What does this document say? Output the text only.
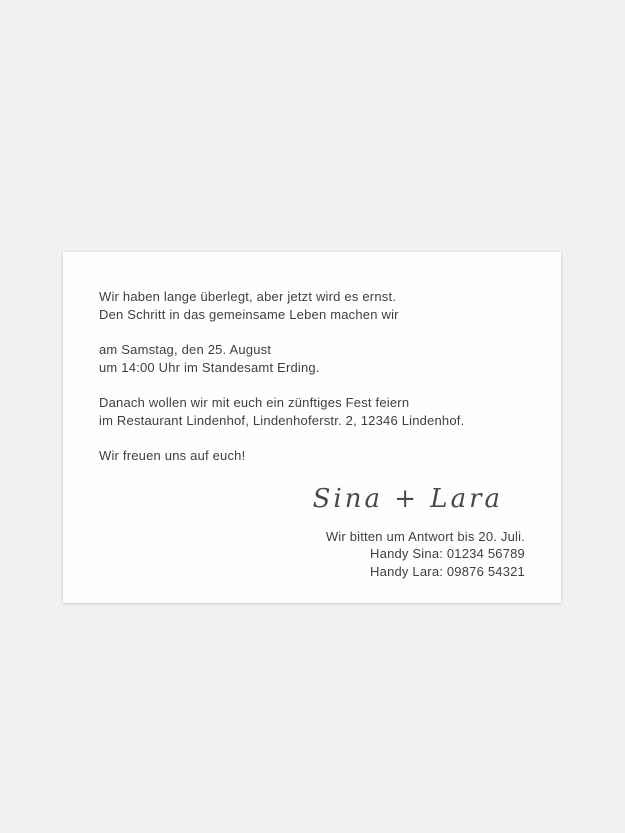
Wir haben lange überlegt, aber jetzt wird es ernst.
Den Schritt in das gemeinsame Leben machen wir

am Samstag, den 25. August
um 14:00 Uhr im Standesamt Erding.

Danach wollen wir mit euch ein zünftiges Fest feiern
im Restaurant Lindenhof, Lindenhoferstr. 2, 12346 Lindenhof.

Wir freuen uns auf euch!

Sina + Lara
Wir bitten um Antwort bis 20. Juli.
Handy Sina: 01234 56789
Handy Lara: 09876 54321
